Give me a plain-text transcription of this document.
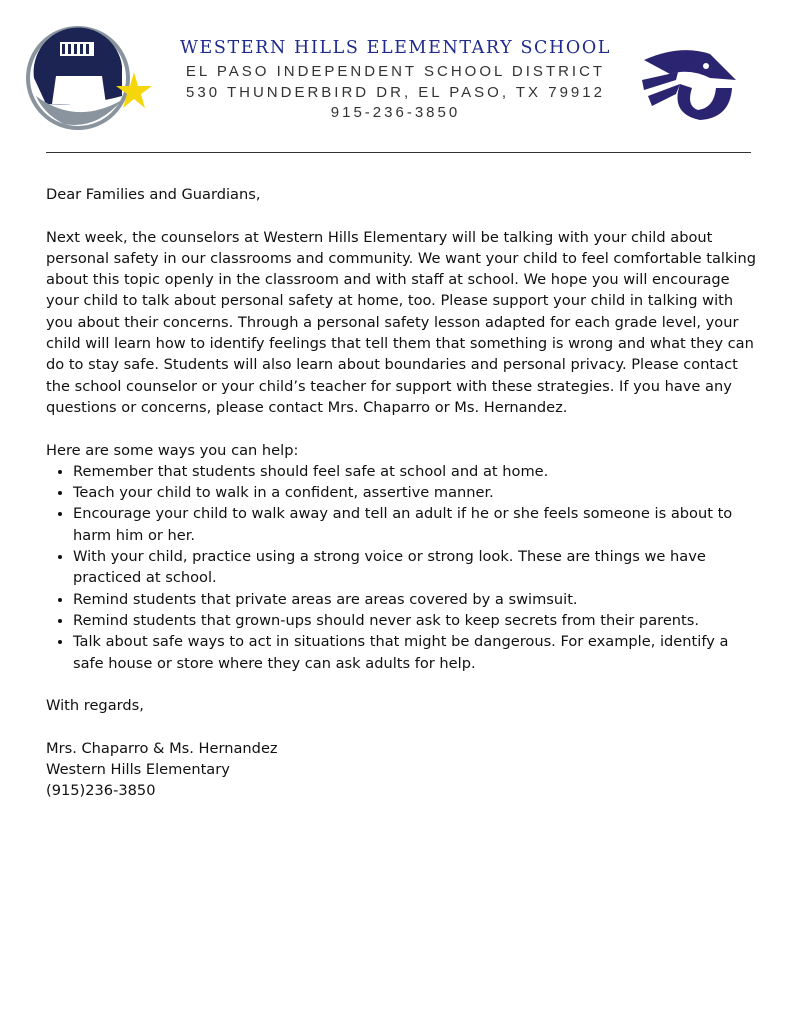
WESTERN HILLS ELEMENTARY SCHOOL
EL PASO INDEPENDENT SCHOOL DISTRICT
530 THUNDERBIRD DR, EL PASO, TX 79912
915-236-3850

Dear Families and Guardians,

Next week, the counselors at Western Hills Elementary will be talking with your child about personal safety in our classrooms and community. We want your child to feel comfortable talking about this topic openly in the classroom and with staff at school. We hope you will encourage your child to talk about personal safety at home, too. Please support your child in talking with you about their concerns. Through a personal safety lesson adapted for each grade level, your child will learn how to identify feelings that tell them that something is wrong and what they can do to stay safe. Students will also learn about boundaries and personal privacy. Please contact the school counselor or your child’s teacher for support with these strategies. If you have any questions or concerns, please contact Mrs. Chaparro or Ms. Hernandez.

Here are some ways you can help:

• Remember that students should feel safe at school and at home.
• Teach your child to walk in a confident, assertive manner.
• Encourage your child to walk away and tell an adult if he or she feels someone is about to harm him or her.
• With your child, practice using a strong voice or strong look. These are things we have practiced at school.
• Remind students that private areas are areas covered by a swimsuit.
• Remind students that grown-ups should never ask to keep secrets from their parents.
• Talk about safe ways to act in situations that might be dangerous. For example, identify a safe house or store where they can ask adults for help.

With regards,

Mrs. Chaparro & Ms. Hernandez

Western Hills Elementary

(915)236-3850
